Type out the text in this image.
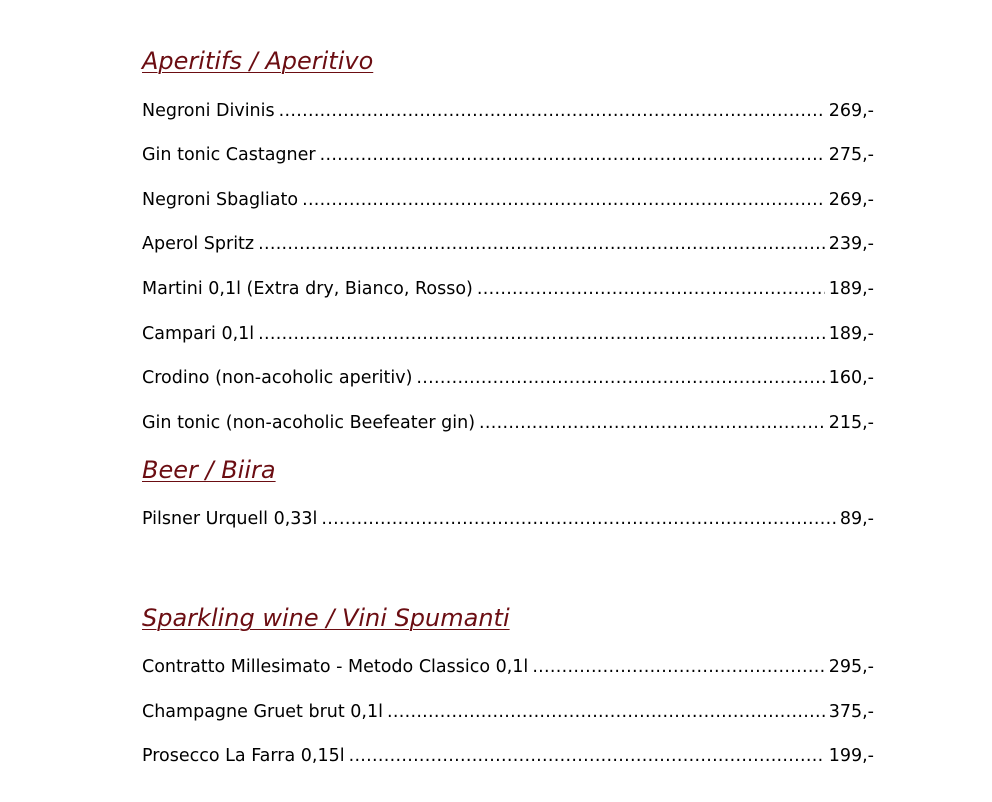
Aperitifs / Aperitivo
Negroni Divinis .....	269,-
Gin tonic Castagner .....	275,-
Negroni Sbagliato .....	269,-
Aperol Spritz .....	239,-
Martini 0,1l (Extra dry, Bianco, Rosso) .....	189,-
Campari 0,1l .....	189,-
Crodino (non-acoholic aperitiv) .....	160,-
Gin tonic (non-acoholic Beefeater gin) .....	215,-
Beer / Biira
Pilsner Urquell 0,33l .....	89,-
Sparkling wine / Vini Spumanti
Contratto Millesimato - Metodo Classico 0,1l .....	295,-
Champagne Gruet brut 0,1l .....	375,-
Prosecco La Farra 0,15l .....	199,-
